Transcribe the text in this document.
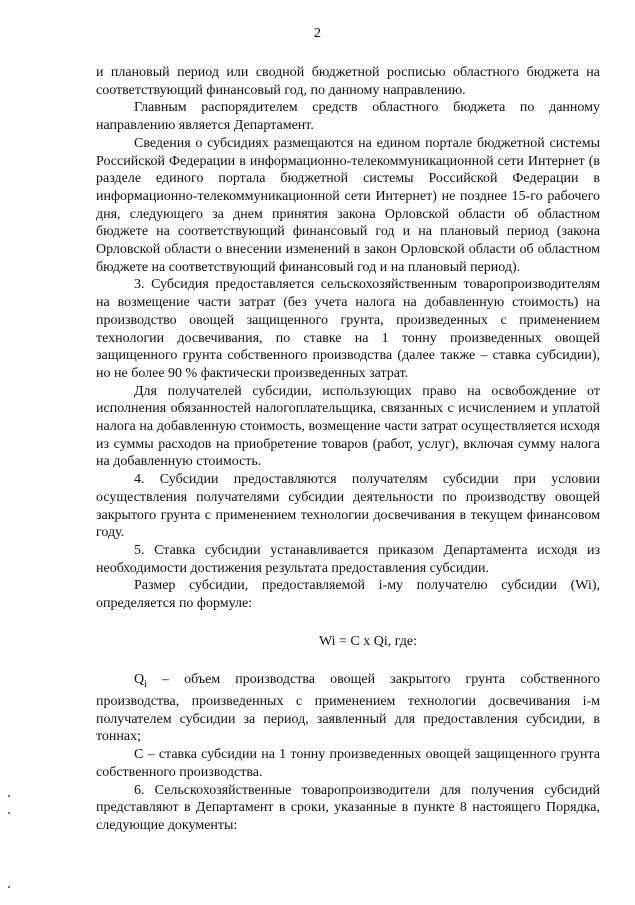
2

и плановый период или сводной бюджетной росписью областного бюджета на соответствующий финансовый год, по данному направлению.

Главным распорядителем средств областного бюджета по данному направлению является Департамент.

Сведения о субсидиях размещаются на едином портале бюджетной системы Российской Федерации в информационно-телекоммуникационной сети Интернет (в разделе единого портала бюджетной системы Российской Федерации в информационно-телекоммуникационной сети Интернет) не позднее 15-го рабочего дня, следующего за днем принятия закона Орловской области об областном бюджете на соответствующий финансовый год и на плановый период (закона Орловской области о внесении изменений в закон Орловской области об областном бюджете на соответствующий финансовый год и на плановый период).

3. Субсидия предоставляется сельскохозяйственным товаропроизводителям на возмещение части затрат (без учета налога на добавленную стоимость) на производство овощей защищенного грунта, произведенных с применением технологии досвечивания, по ставке на 1 тонну произведенных овощей защищенного грунта собственного производства (далее также – ставка субсидии), но не более 90 % фактически произведенных затрат.

Для получателей субсидии, использующих право на освобождение от исполнения обязанностей налогоплательщика, связанных с исчислением и уплатой налога на добавленную стоимость, возмещение части затрат осуществляется исходя из суммы расходов на приобретение товаров (работ, услуг), включая сумму налога на добавленную стоимость.

4. Субсидии предоставляются получателям субсидии при условии осуществления получателями субсидии деятельности по производству овощей закрытого грунта с применением технологии досвечивания в текущем финансовом году.

5. Ставка субсидии устанавливается приказом Департамента исходя из необходимости достижения результата предоставления субсидии.

Размер субсидии, предоставляемой i-му получателю субсидии (Wi), определяется по формуле:

Wi = C x Qi, где:

$Q_i$ – объем производства овощей закрытого грунта собственного производства, произведенных с применением технологии досвечивания i-м получателем субсидии за период, заявленный для предоставления субсидии, в тоннах;

С – ставка субсидии на 1 тонну произведенных овощей защищенного грунта собственного производства.

6. Сельскохозяйственные товаропроизводители для получения субсидий представляют в Департамент в сроки, указанные в пункте 8 настоящего Порядка, следующие документы:
